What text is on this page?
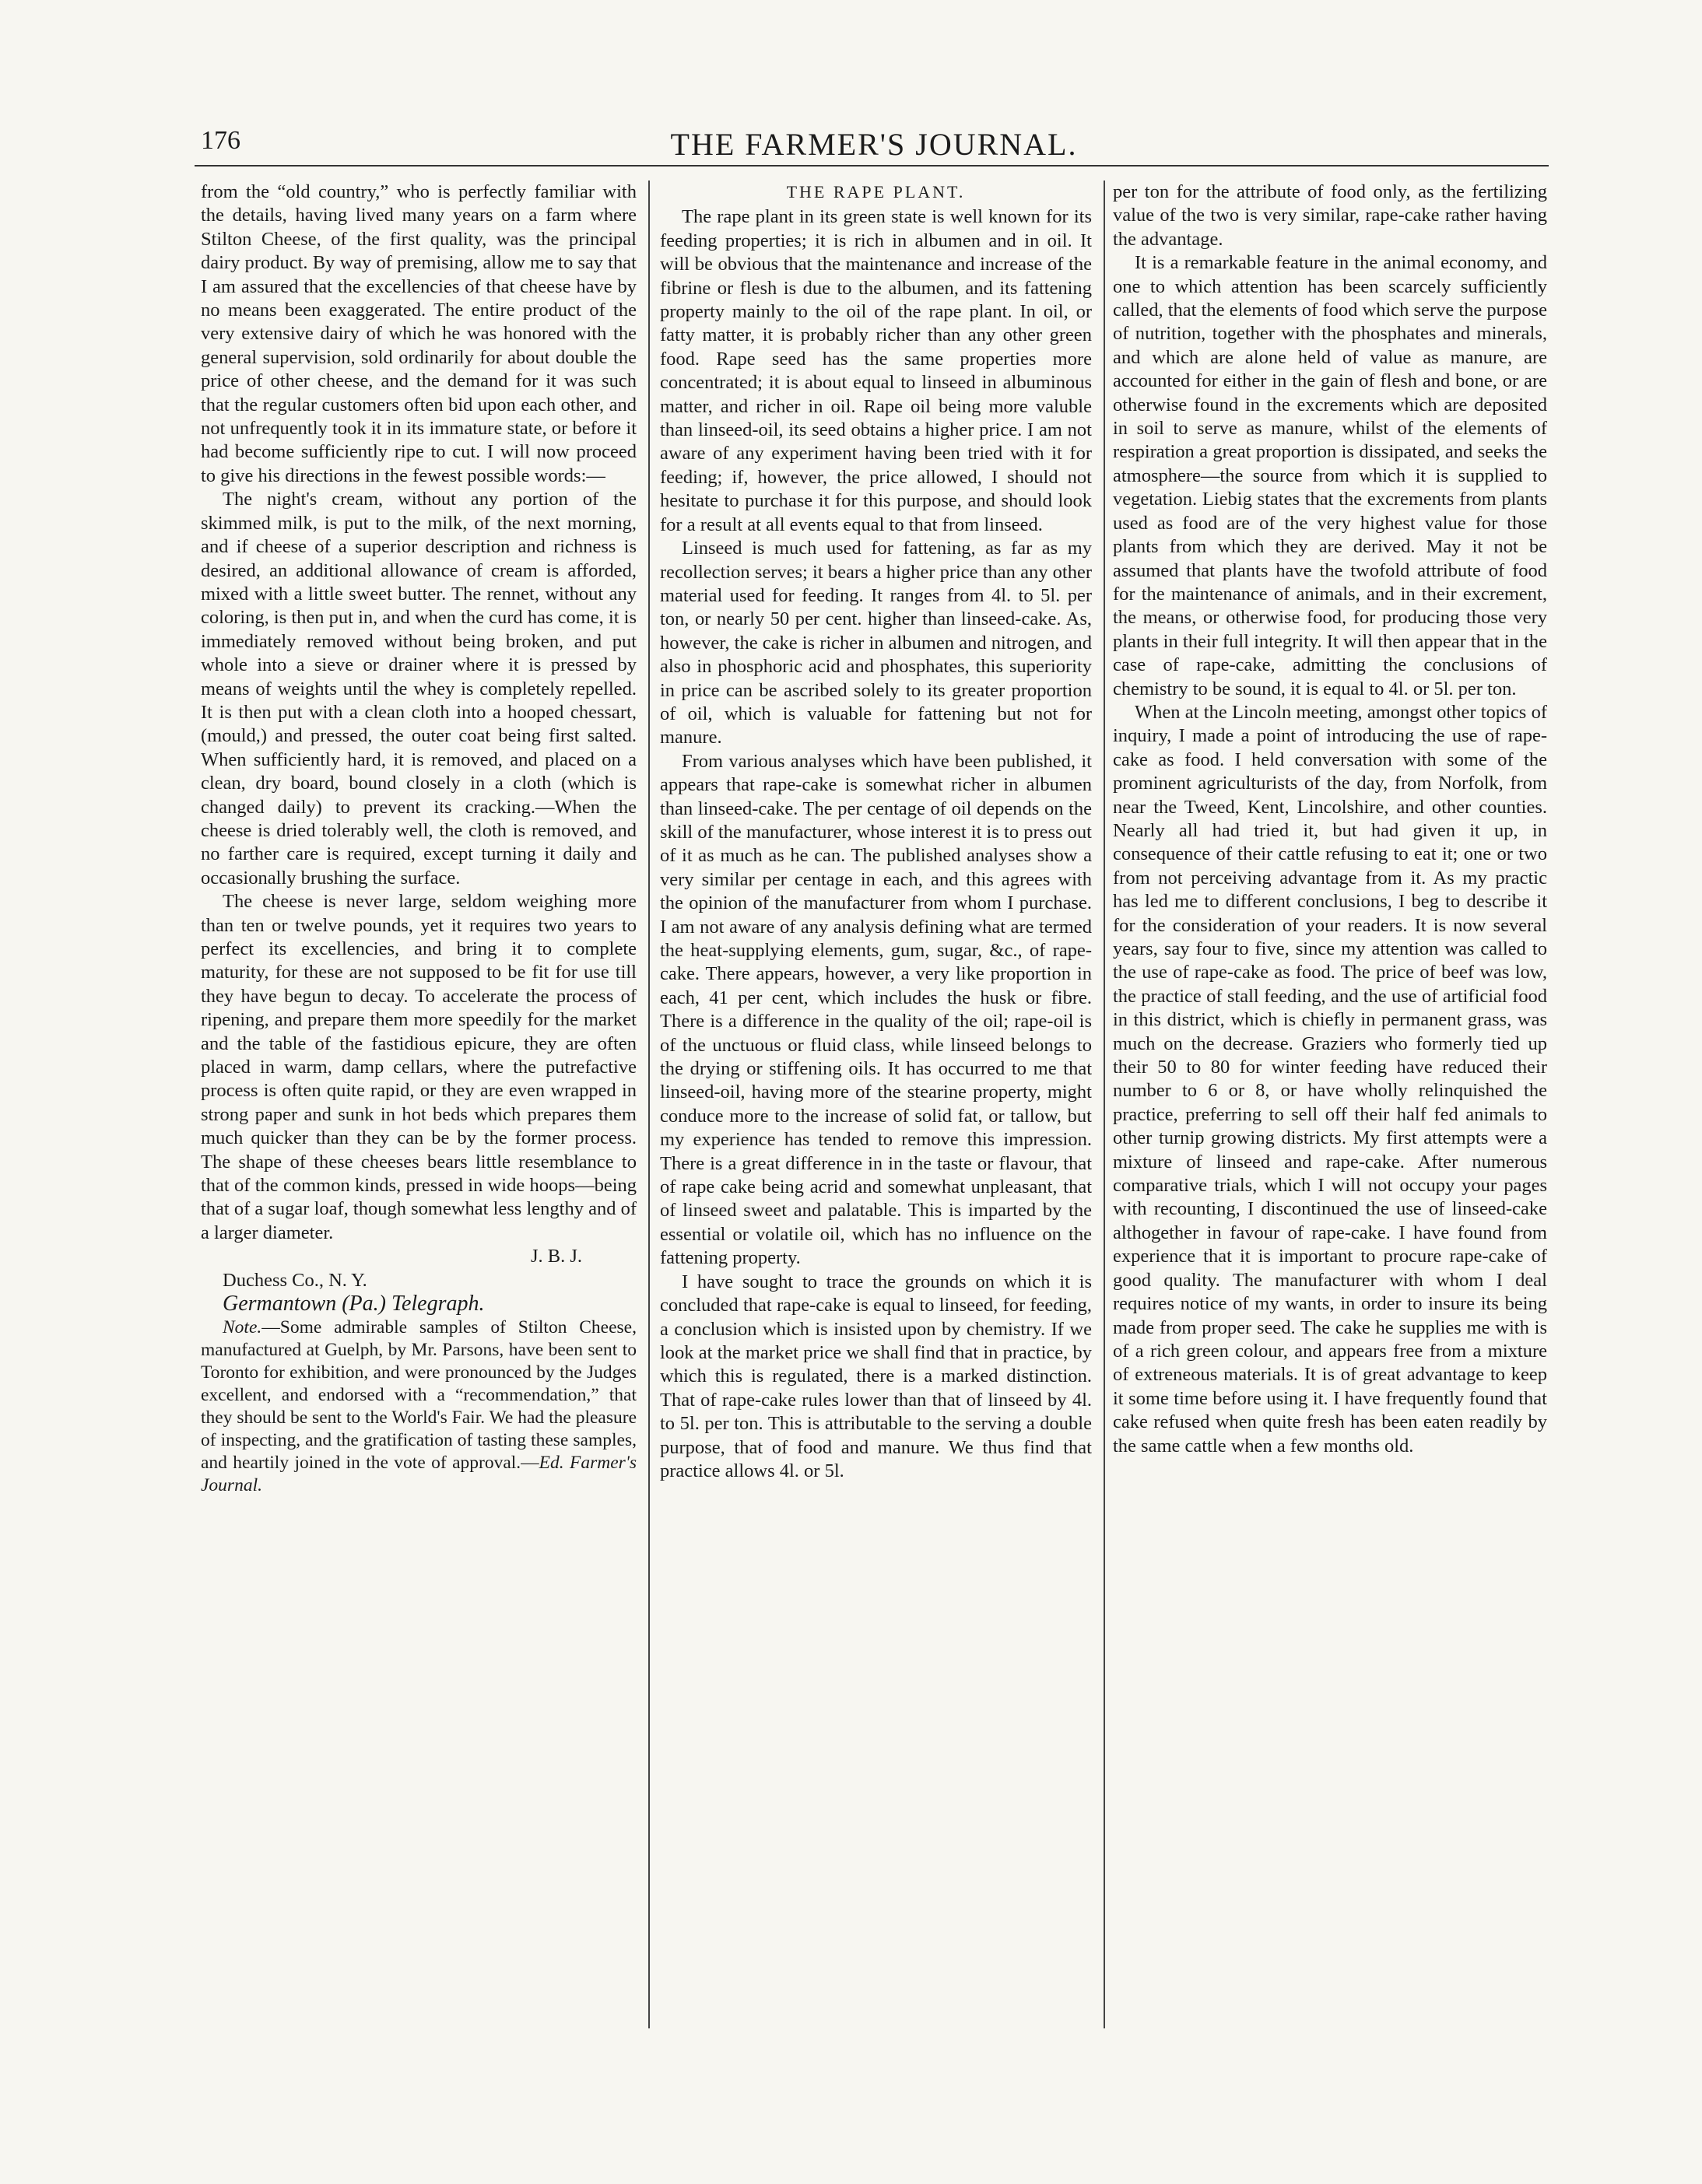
176	THE FARMER'S JOURNAL.

from the “old country,” who is perfectly familiar with the details, having lived many years on a farm where Stilton Cheese, of the first quality, was the principal dairy product. By way of premising, allow me to say that I am assured that the excellencies of that cheese have by no means been exaggerated. The entire product of the very extensive dairy of which he was honored with the general supervision, sold ordinarily for about double the price of other cheese, and the demand for it was such that the regular customers often bid upon each other, and not unfrequently took it in its immature state, or before it had become sufficiently ripe to cut. I will now proceed to give his directions in the fewest possible words:—

The night's cream, without any portion of the skimmed milk, is put to the milk, of the next morning, and if cheese of a superior description and richness is desired, an additional allowance of cream is afforded, mixed with a little sweet butter. The rennet, without any coloring, is then put in, and when the curd has come, it is immediately removed without being broken, and put whole into a sieve or drainer where it is pressed by means of weights until the whey is completely repelled. It is then put with a clean cloth into a hooped chessart, (mould,) and pressed, the outer coat being first salted. When sufficiently hard, it is removed, and placed on a clean, dry board, bound closely in a cloth (which is changed daily) to prevent its cracking.—When the cheese is dried tolerably well, the cloth is removed, and no farther care is required, except turning it daily and occasionally brushing the surface.

The cheese is never large, seldom weighing more than ten or twelve pounds, yet it requires two years to perfect its excellencies, and bring it to complete maturity, for these are not supposed to be fit for use till they have begun to decay. To accelerate the process of ripening, and prepare them more speedily for the market and the table of the fastidious epicure, they are often placed in warm, damp cellars, where the putrefactive process is often quite rapid, or they are even wrapped in strong paper and sunk in hot beds which prepares them much quicker than they can be by the former process. The shape of these cheeses bears little resemblance to that of the common kinds, pressed in wide hoops—being that of a sugar loaf, though somewhat less lengthy and of a larger diameter.

J. B. J.

Duchess Co., N. Y.

Germantown (Pa.) Telegraph.

Note.—Some admirable samples of Stilton Cheese, manufactured at Guelph, by Mr. Parsons, have been sent to Toronto for exhibition, and were pronounced by the Judges excellent, and endorsed with a “recommendation,” that they should be sent to the World's Fair. We had the pleasure of inspecting, and the gratification of tasting these samples, and heartily joined in the vote of approval.—Ed. Farmer's Journal.

THE RAPE PLANT.

The rape plant in its green state is well known for its feeding properties; it is rich in albumen and in oil. It will be obvious that the maintenance and increase of the fibrine or flesh is due to the albumen, and its fattening property mainly to the oil of the rape plant. In oil, or fatty matter, it is probably richer than any other green food. Rape seed has the same properties more concentrated; it is about equal to linseed in albuminous matter, and richer in oil. Rape oil being more valuble than linseed-oil, its seed obtains a higher price. I am not aware of any experiment having been tried with it for feeding; if, however, the price allowed, I should not hesitate to purchase it for this purpose, and should look for a result at all events equal to that from linseed.

Linseed is much used for fattening, as far as my recollection serves; it bears a higher price than any other material used for feeding. It ranges from 4l. to 5l. per ton, or nearly 50 per cent. higher than linseed-cake. As, however, the cake is richer in albumen and nitrogen, and also in phosphoric acid and phosphates, this superiority in price can be ascribed solely to its greater proportion of oil, which is valuable for fattening but not for manure.

From various analyses which have been published, it appears that rape-cake is somewhat richer in albumen than linseed-cake. The per centage of oil depends on the skill of the manufacturer, whose interest it is to press out of it as much as he can. The published analyses show a very similar per centage in each, and this agrees with the opinion of the manufacturer from whom I purchase. I am not aware of any analysis defining what are termed the heat-supplying elements, gum, sugar, &c., of rape-cake. There appears, however, a very like proportion in each, 41 per cent, which includes the husk or fibre. There is a difference in the quality of the oil; rape-oil is of the unctuous or fluid class, while linseed belongs to the drying or stiffening oils. It has occurred to me that linseed-oil, having more of the stearine property, might conduce more to the increase of solid fat, or tallow, but my experience has tended to remove this impression. There is a great difference in in the taste or flavour, that of rape cake being acrid and somewhat unpleasant, that of linseed sweet and palatable. This is imparted by the essential or volatile oil, which has no influence on the fattening property.

I have sought to trace the grounds on which it is concluded that rape-cake is equal to linseed, for feeding, a conclusion which is insisted upon by chemistry. If we look at the market price we shall find that in practice, by which this is regulated, there is a marked distinction. That of rape-cake rules lower than that of linseed by 4l. to 5l. per ton. This is attributable to the serving a double purpose, that of food and manure. We thus find that practice allows 4l. or 5l.

per ton for the attribute of food only, as the fertilizing value of the two is very similar, rape-cake rather having the advantage.

It is a remarkable feature in the animal economy, and one to which attention has been scarcely sufficiently called, that the elements of food which serve the purpose of nutrition, together with the phosphates and minerals, and which are alone held of value as manure, are accounted for either in the gain of flesh and bone, or are otherwise found in the excrements which are deposited in soil to serve as manure, whilst of the elements of respiration a great proportion is dissipated, and seeks the atmosphere—the source from which it is supplied to vegetation. Liebig states that the excrements from plants used as food are of the very highest value for those plants from which they are derived. May it not be assumed that plants have the twofold attribute of food for the maintenance of animals, and in their excrement, the means, or otherwise food, for producing those very plants in their full integrity. It will then appear that in the case of rape-cake, admitting the conclusions of chemistry to be sound, it is equal to 4l. or 5l. per ton.

When at the Lincoln meeting, amongst other topics of inquiry, I made a point of introducing the use of rape-cake as food. I held conversation with some of the prominent agriculturists of the day, from Norfolk, from near the Tweed, Kent, Lincolshire, and other counties. Nearly all had tried it, but had given it up, in consequence of their cattle refusing to eat it; one or two from not perceiving advantage from it. As my practic has led me to different conclusions, I beg to describe it for the consideration of your readers. It is now several years, say four to five, since my attention was called to the use of rape-cake as food. The price of beef was low, the practice of stall feeding, and the use of artificial food in this district, which is chiefly in permanent grass, was much on the decrease. Graziers who formerly tied up their 50 to 80 for winter feeding have reduced their number to 6 or 8, or have wholly relinquished the practice, preferring to sell off their half fed animals to other turnip growing districts. My first attempts were a mixture of linseed and rape-cake. After numerous comparative trials, which I will not occupy your pages with recounting, I discontinued the use of linseed-cake althogether in favour of rape-cake. I have found from experience that it is important to procure rape-cake of good quality. The manufacturer with whom I deal requires notice of my wants, in order to insure its being made from proper seed. The cake he supplies me with is of a rich green colour, and appears free from a mixture of extreneous materials. It is of great advantage to keep it some time before using it. I have frequently found that cake refused when quite fresh has been eaten readily by the same cattle when a few months old.
